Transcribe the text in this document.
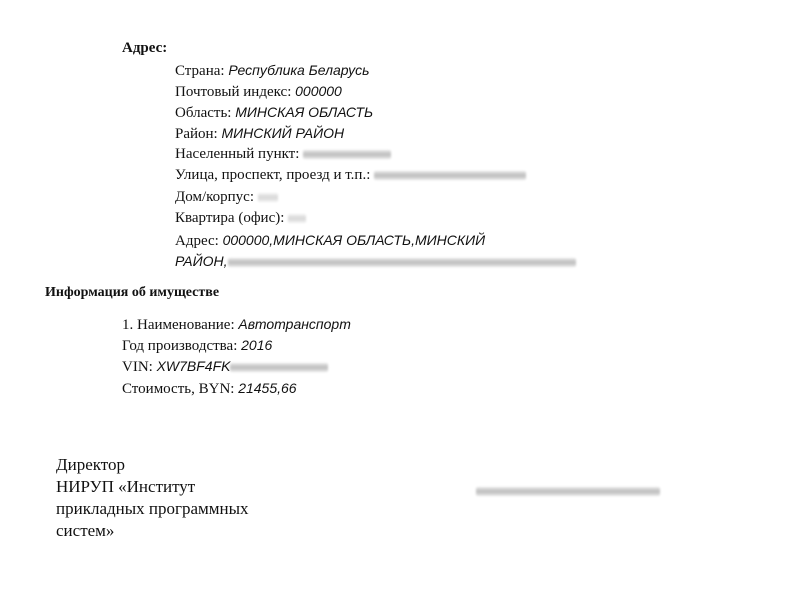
Адрес:
Страна: Республика Беларусь
Почтовый индекс: 000000
Область: МИНСКАЯ ОБЛАСТЬ
Район: МИНСКИЙ РАЙОН
Населенный пункт:
Улица, проспект, проезд и т.п.:
Дом/корпус:
Квартира (офис):
Адрес: 000000,МИНСКАЯ ОБЛАСТЬ,МИНСКИЙ
РАЙОН,
Информация об имуществе
1. Наименование: Автотранспорт
Год производства: 2016
VIN: XW7BF4FK
Стоимость, BYN: 21455,66
Директор
НИРУП «Институт
прикладных программных
систем»
